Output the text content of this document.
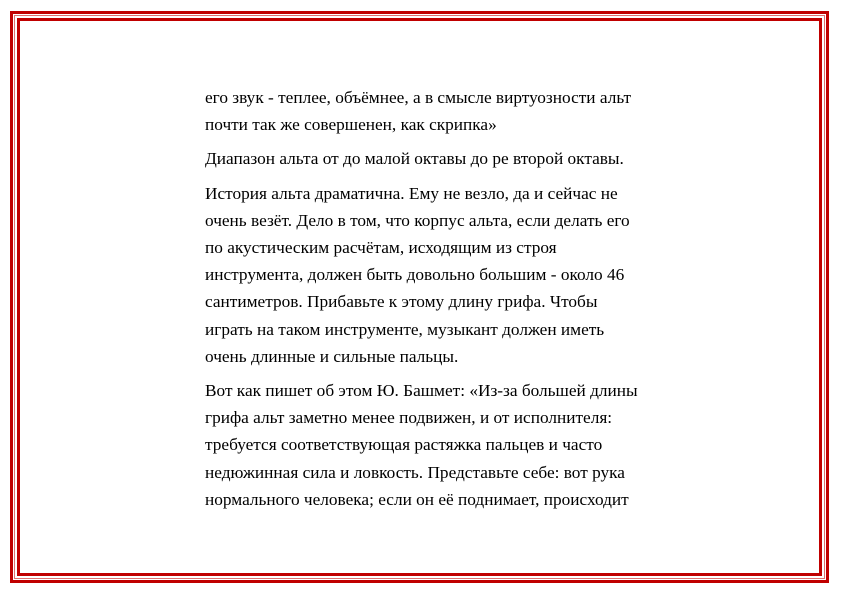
его звук - теплее, объёмнее, а в смысле виртуозности альт
почти так же совершенен, как скрипка»

Диапазон альта от до малой октавы до ре второй октавы.

История альта драматична. Ему не везло, да и сейчас не
очень везёт. Дело в том, что корпус альта, если делать его
по акустическим расчётам, исходящим из строя
инструмента, должен быть довольно большим - около 46
сантиметров. Прибавьте к этому длину грифа. Чтобы
играть на таком инструменте, музыкант должен иметь
очень длинные и сильные пальцы.

Вот как пишет об этом Ю. Башмет: «Из-за большей длины
грифа альт заметно менее подвижен, и от исполнителя:
требуется соответствующая растяжка пальцев и часто
недюжинная сила и ловкость. Представьте себе: вот рука
нормального человека; если он её поднимает, происходит
